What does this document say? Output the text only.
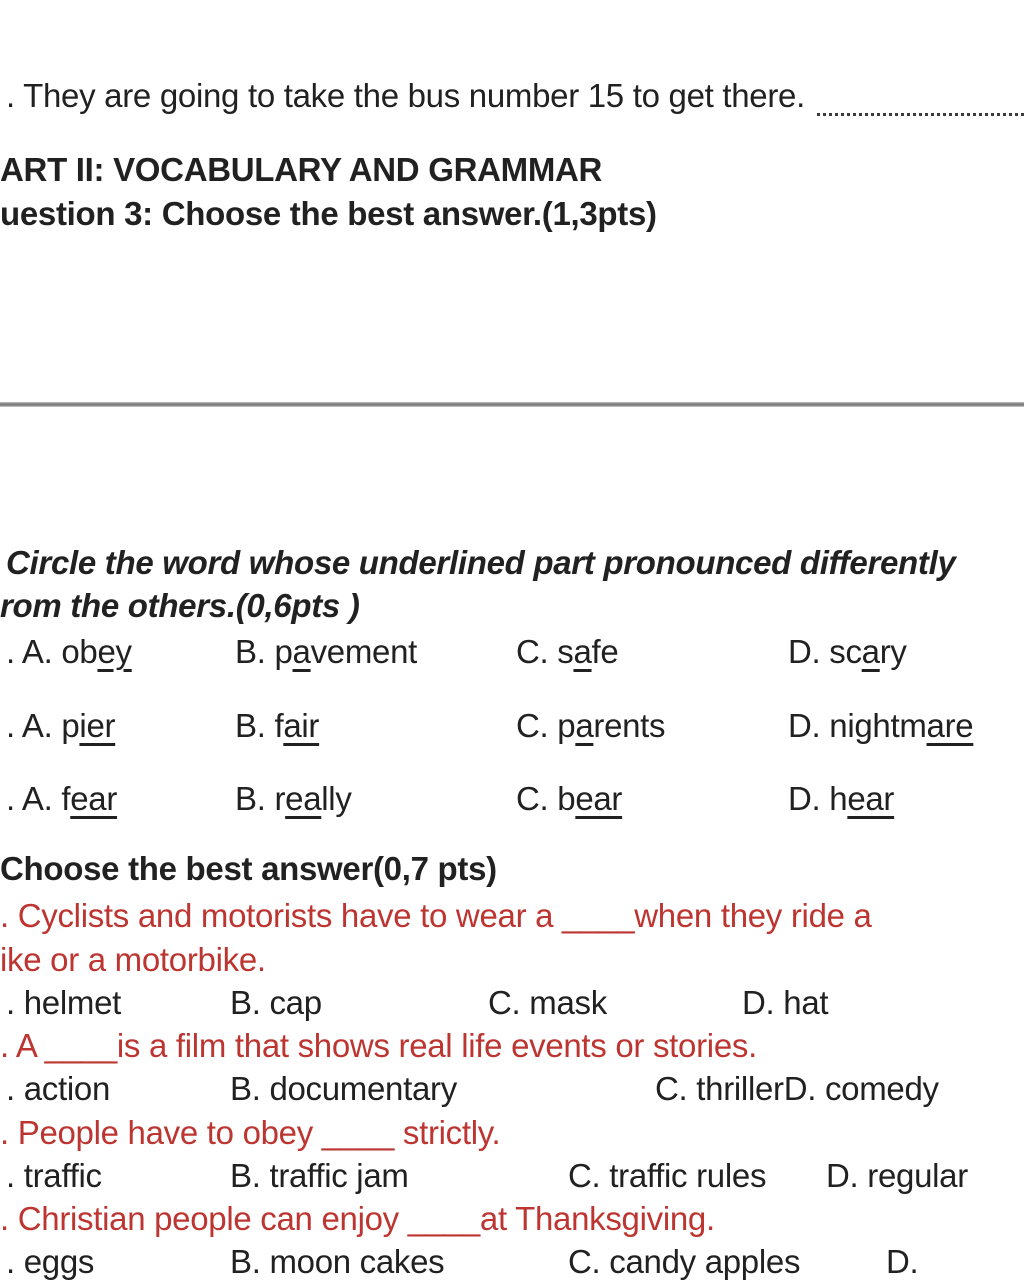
. They are going to take the bus number 15 to get there.
ART II: VOCABULARY AND GRAMMAR
uestion 3: Choose the best answer.(1,3pts)
Circle the word whose underlined part pronounced differently
rom the others.(0,6pts )
. A. obey	B. pavement	C. safe	D. scary
. A. pier	B. fair	C. parents	D. nightmare
. A. fear	B. really	C. bear	D. hear
Choose the best answer(0,7 pts)
. Cyclists and motorists have to wear a ____when they ride a
ike or a motorbike.
. helmet	B. cap	C. mask	D. hat
. A ____is a film that shows real life events or stories.
. action	B. documentary	C. thrillerD. comedy
. People have to obey ____ strictly.
. traffic	B. traffic jam	C. traffic rules D. regular
. Christian people can enjoy ____at Thanksgiving.
. eggs	B. moon cakes	C. candy apples	D.
